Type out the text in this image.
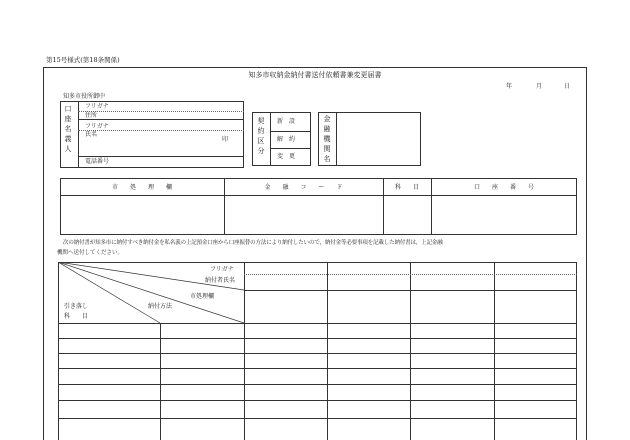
第15号様式(第18条関係)
知多市収納金納付書送付依頼書兼変更届書
年	月	日
知多市役所御中
口座名義人
フリガナ
住所
フリガナ
氏名
印
電話番号
契約区分
新　設
解　約
変　更
金融機関名
市　　処　　理　　欄	金　　融　　コ　　ー　　ド	科　　目	口　　座　　番　　号
次の納付書が知多市に納付すべき納付金を私名義の上記預金口座から口座振替の方法により納付したいので，納付金等必要事項を記載した納付書は，上記金融
機関へ送付してください。
フリガナ
納付者氏名
市処理欄
納付方法
引き落し
科　　目
